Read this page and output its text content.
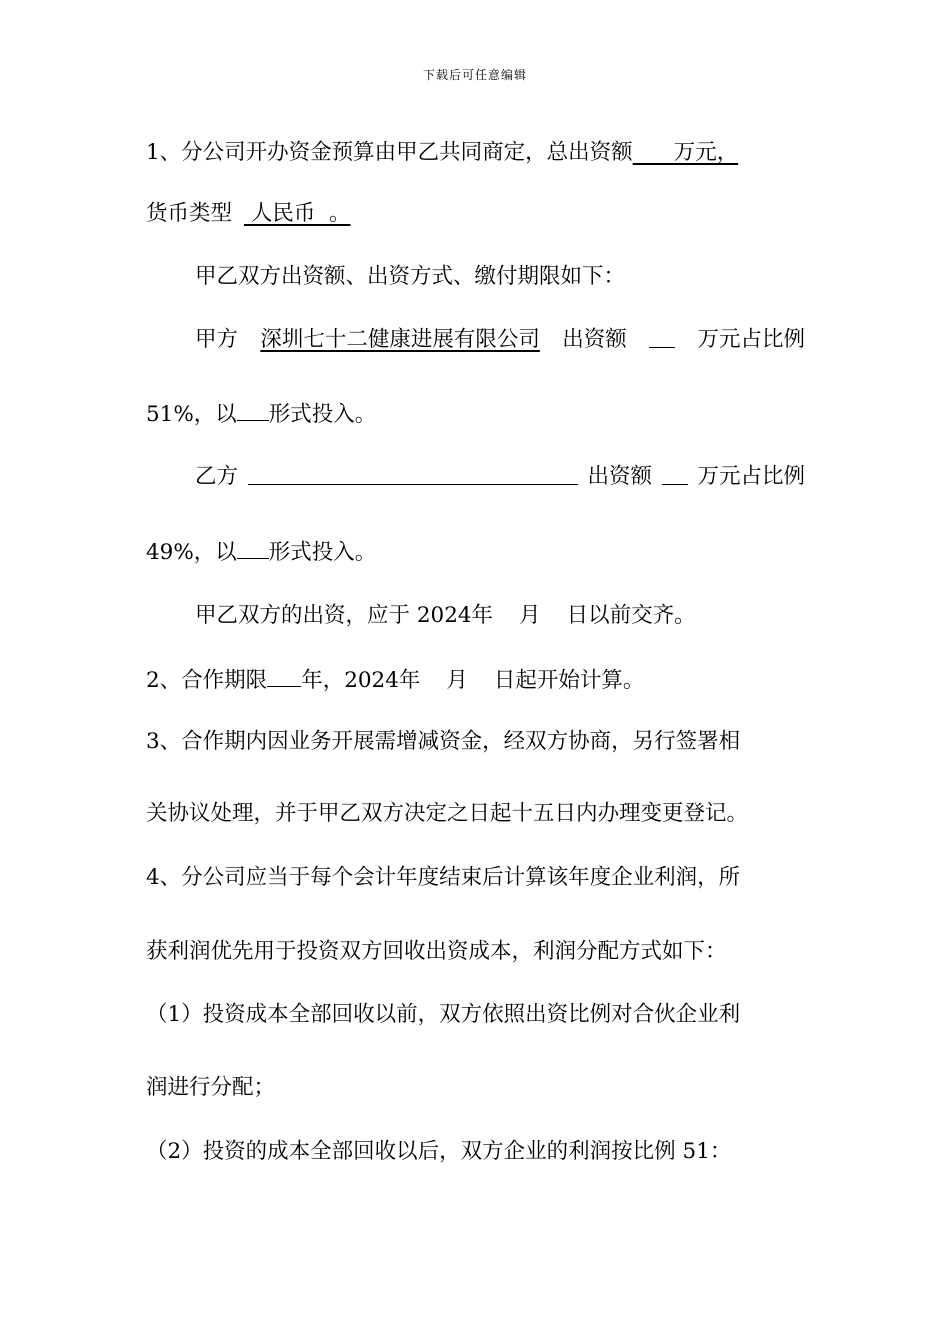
下载后可任意编辑
1、分公司开办资金预算由甲乙共同商定，总出资额      万元，
货币类型 人民币  。
甲乙双方出资额、出资方式、缴付期限如下：
甲方 深圳七十二健康进展有限公司 出资额	万元占比例
51%，以 形式投入。
乙方	出资额 万元占比例
49%，以 形式投入。
甲乙双方的出资，应于 2024年 月 日以前交齐。
2、合作期限 年，2024年 月 日起开始计算。
3、合作期内因业务开展需增减资金，经双方协商，另行签署相
关协议处理，并于甲乙双方决定之日起十五日内办理变更登记。
4、分公司应当于每个会计年度结束后计算该年度企业利润，所
获利润优先用于投资双方回收出资成本，利润分配方式如下：
（1）投资成本全部回收以前，双方依照出资比例对合伙企业利
润进行分配；
（2）投资的成本全部回收以后，双方企业的利润按比例 51：
